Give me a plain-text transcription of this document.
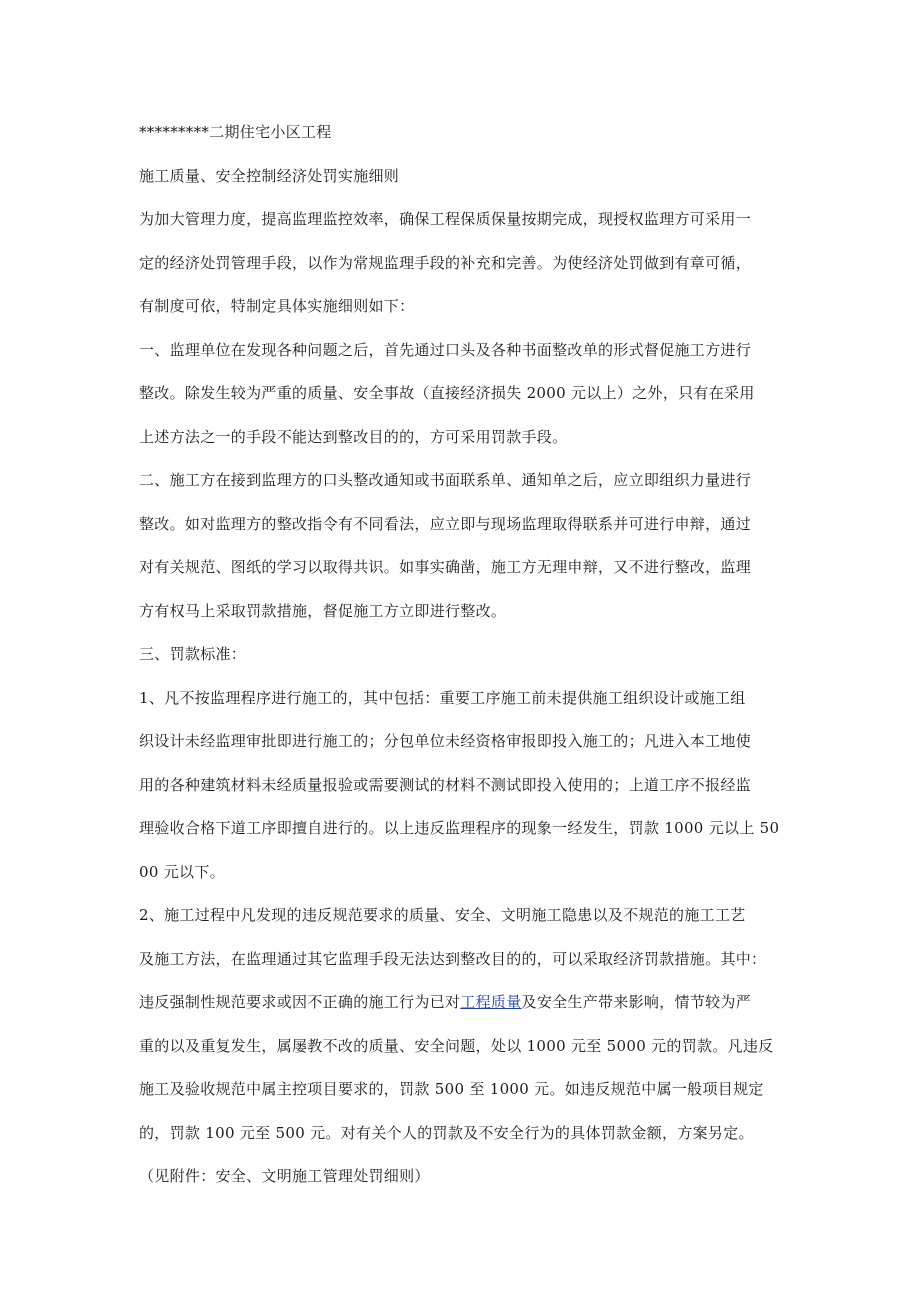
*********二期住宅小区工程
施工质量、安全控制经济处罚实施细则
为加大管理力度，提高监理监控效率，确保工程保质保量按期完成，现授权监理方可采用一
定的经济处罚管理手段，以作为常规监理手段的补充和完善。为使经济处罚做到有章可循，
有制度可依，特制定具体实施细则如下：
一、监理单位在发现各种问题之后，首先通过口头及各种书面整改单的形式督促施工方进行
整改。除发生较为严重的质量、安全事故（直接经济损失 2000 元以上）之外，只有在采用
上述方法之一的手段不能达到整改目的的，方可采用罚款手段。
二、施工方在接到监理方的口头整改通知或书面联系单、通知单之后，应立即组织力量进行
整改。如对监理方的整改指令有不同看法，应立即与现场监理取得联系并可进行申辩，通过
对有关规范、图纸的学习以取得共识。如事实确凿，施工方无理申辩，又不进行整改，监理
方有权马上采取罚款措施，督促施工方立即进行整改。
三、罚款标准：
1、凡不按监理程序进行施工的，其中包括：重要工序施工前未提供施工组织设计或施工组
织设计未经监理审批即进行施工的；分包单位未经资格审报即投入施工的；凡进入本工地使
用的各种建筑材料未经质量报验或需要测试的材料不测试即投入使用的；上道工序不报经监
理验收合格下道工序即擅自进行的。以上违反监理程序的现象一经发生，罚款 1000 元以上 50
00 元以下。
2、施工过程中凡发现的违反规范要求的质量、安全、文明施工隐患以及不规范的施工工艺
及施工方法，在监理通过其它监理手段无法达到整改目的的，可以采取经济罚款措施。其中：
违反强制性规范要求或因不正确的施工行为已对工程质量及安全生产带来影响，情节较为严
重的以及重复发生，属屡教不改的质量、安全问题，处以 1000 元至 5000 元的罚款。凡违反
施工及验收规范中属主控项目要求的，罚款 500 至 1000 元。如违反规范中属一般项目规定
的，罚款 100 元至 500 元。对有关个人的罚款及不安全行为的具体罚款金额，方案另定。
（见附件：安全、文明施工管理处罚细则）
